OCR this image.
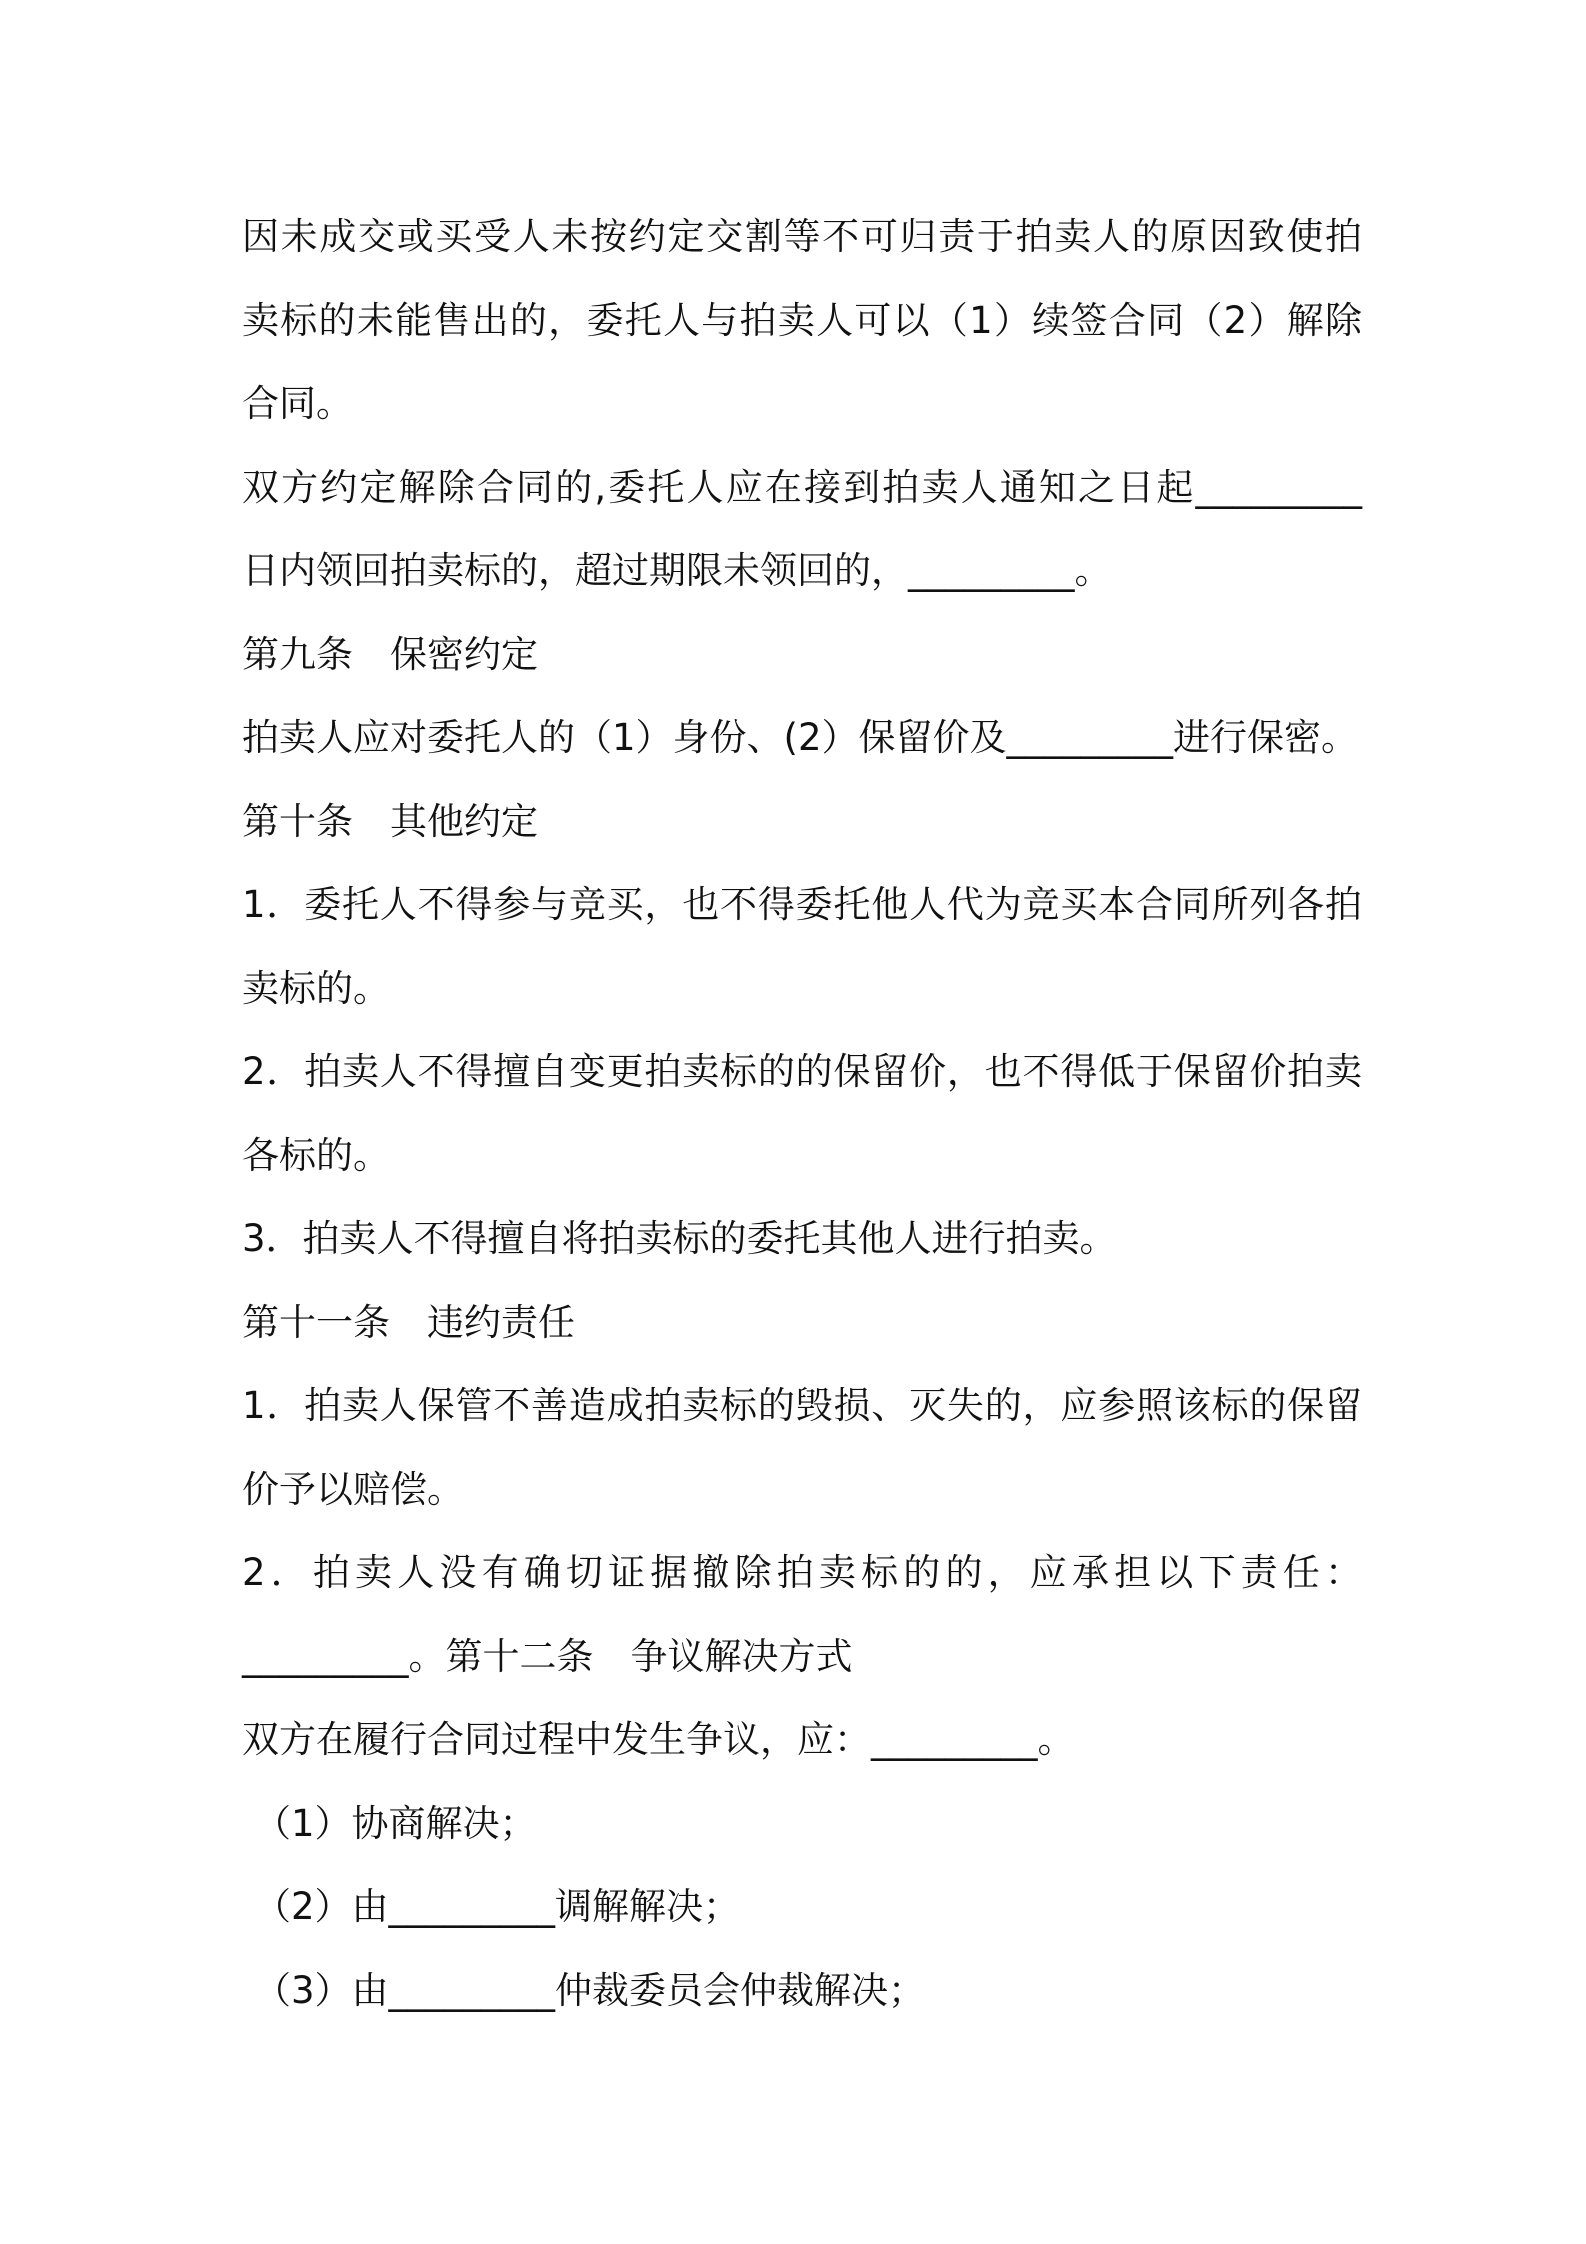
因未成交或买受人未按约定交割等不可归责于拍卖人的原因致使拍
卖标的未能售出的，委托人与拍卖人可以（1）续签合同（2）解除
合同。
双方约定解除合同的,委托人应在接到拍卖人通知之日起_________
日内领回拍卖标的，超过期限未领回的，_________。
第九条　保密约定
拍卖人应对委托人的（1）身份、(2）保留价及_________进行保密。
第十条　其他约定
1．委托人不得参与竞买，也不得委托他人代为竞买本合同所列各拍
卖标的。
2．拍卖人不得擅自变更拍卖标的的保留价，也不得低于保留价拍卖
各标的。
3．拍卖人不得擅自将拍卖标的委托其他人进行拍卖。
第十一条　违约责任
1．拍卖人保管不善造成拍卖标的毁损、灭失的，应参照该标的保留
价予以赔偿。
2．拍卖人没有确切证据撤除拍卖标的的，应承担以下责任：
_________。第十二条　争议解决方式
双方在履行合同过程中发生争议，应：_________。
（1）协商解决；
（2）由_________调解解决；
（3）由_________仲裁委员会仲裁解决；
